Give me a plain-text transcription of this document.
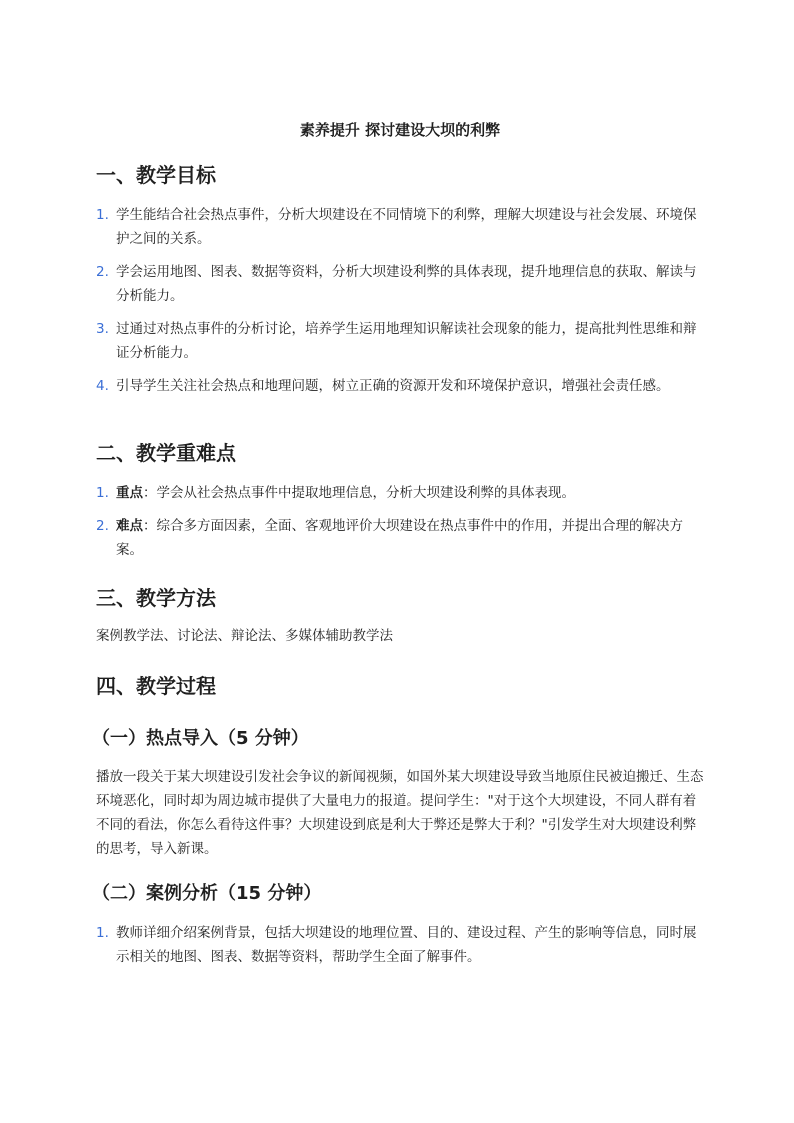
素养提升 探讨建设大坝的利弊
一、教学目标
1. 学生能结合社会热点事件，分析大坝建设在不同情境下的利弊，理解大坝建设与社会发展、环境保护之间的关系。
2. 学会运用地图、图表、数据等资料，分析大坝建设利弊的具体表现，提升地理信息的获取、解读与分析能力。
3. 过通过对热点事件的分析讨论，培养学生运用地理知识解读社会现象的能力，提高批判性思维和辩证分析能力。
4. 引导学生关注社会热点和地理问题，树立正确的资源开发和环境保护意识，增强社会责任感。
二、教学重难点
1. 重点：学会从社会热点事件中提取地理信息，分析大坝建设利弊的具体表现。
2. 难点：综合多方面因素，全面、客观地评价大坝建设在热点事件中的作用，并提出合理的解决方案。
三、教学方法
案例教学法、讨论法、辩论法、多媒体辅助教学法
四、教学过程
（一）热点导入（5 分钟）
播放一段关于某大坝建设引发社会争议的新闻视频，如国外某大坝建设导致当地原住民被迫搬迁、生态环境恶化，同时却为周边城市提供了大量电力的报道。提问学生："对于这个大坝建设，不同人群有着不同的看法，你怎么看待这件事？大坝建设到底是利大于弊还是弊大于利？"引发学生对大坝建设利弊的思考，导入新课。
（二）案例分析（15 分钟）
1. 教师详细介绍案例背景，包括大坝建设的地理位置、目的、建设过程、产生的影响等信息，同时展示相关的地图、图表、数据等资料，帮助学生全面了解事件。
